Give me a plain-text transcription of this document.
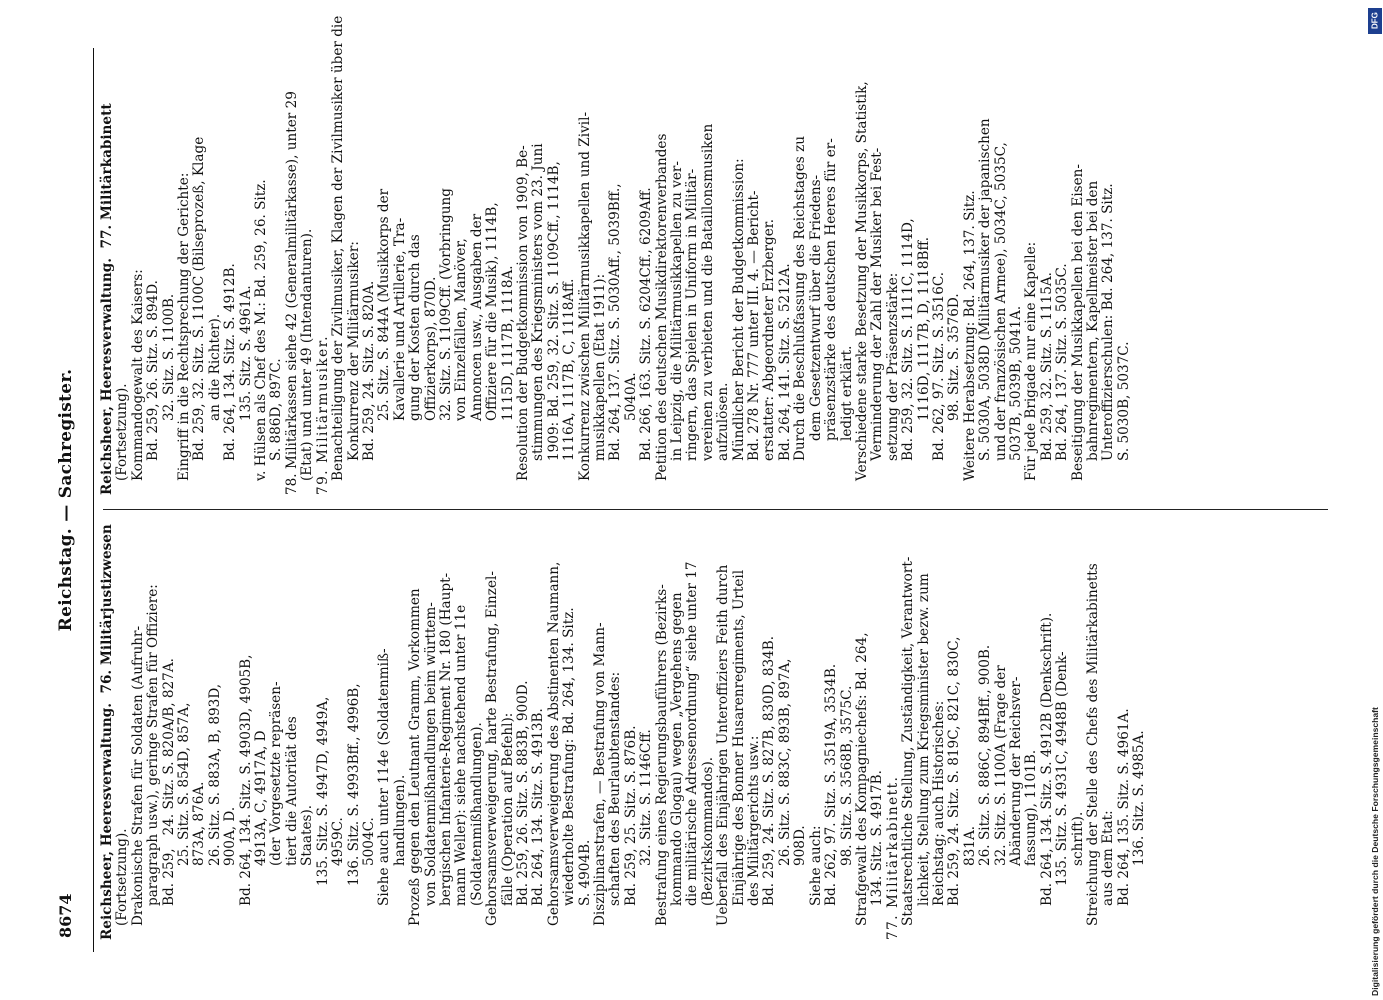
8674
Reichstag. — Sachregister.
Reichsheer, Heeresverwaltung.  76. Militärjustizwesen (Fortsetzung). Drakonische Strafen für Soldaten (Aufruhr- paragraph usw.), geringe Strafen für Offiziere: Bd. 259,   24. Sitz. S. 820A/B, 827A. 25. Sitz. S. 854D, 857A, 873A, 876A. 26. Sitz. S. 883A, B, 893D, 900A, D. Bd. 264, 134. Sitz. S. 4903D, 4905B, 4913A, C, 4917A, D (der Vorgesetzte repräsen- tiert die Autorität des Staates). 135. Sitz. S. 4947D, 4949A, 4959C. 136. Sitz. S. 4993Bff., 4996B, 5004C. Siehe auch unter 114e (Soldatenmiß- handlungen). Prozeß gegen den Leutnant Gramm, Vorkommen von Soldatenmißhandlungen beim württem- bergischen Infanterie-Regiment Nr. 180 (Haupt- mann Weller): siehe nachstehend unter 11e (Soldatenmißhandlungen). Gehorsamsverweigerung, harte Bestrafung, Einzel- fälle (Operation auf Befehl): Bd. 259, 26. Sitz. S. 883B, 900D. Bd. 264, 134. Sitz. S. 4913B. Gehorsamsverweigerung des Abstinenten Naumann, wiederholte Bestrafung: Bd. 264, 134. Sitz. S. 4904B. Disziplinarstrafen, — Bestrafung von Mann- schaften des Beurlaubtenstandes: Bd. 259, 25. Sitz. S. 876B. 32. Sitz. S. 1146Cff. Bestrafung eines Regierungsbauführers (Bezirks- kommando Glogau) wegen „Vergehens gegen die militärische Adressenordnung“ siehe unter 17 (Bezirkskommandos). Ueberfall des Einjährigen Unteroffiziers Feith durch Einjährige des Bonner Husarenregiments, Urteil des Militärgerichts usw.: Bd. 259, 24. Sitz. S. 827B, 830D, 834B. 26. Sitz. S. 883C, 893B, 897A, 908D. Siehe auch: Bd. 262, 97. Sitz. S. 3519A, 3534B. 98. Sitz. S. 3568B, 3575C. Strafgewalt des Kompagniechefs: Bd. 264, 134. Sitz. S. 4917B. 77. Militärkabinett. Staatsrechtliche Stellung, Zuständigkeit, Verantwort- lichkeit, Stellung zum Kriegsminister bezw. zum Reichstag; auch Historisches: Bd. 259, 24. Sitz. S. 819C, 821C, 830C, 831A. 26. Sitz. S. 886C, 894Bff., 900B. 32. Sitz. S. 1100A (Frage der Abänderung der Reichsver- fassung), 1101B. Bd. 264, 134. Sitz. S. 4912B (Denkschrift). 135. Sitz. S. 4931C, 4948B (Denk- schrift). Streichung der Stelle des Chefs des Militärkabinetts aus dem Etat: Bd. 264, 135. Sitz. S. 4961A. 136. Sitz. S. 4985A.
Reichsheer, Heeresverwaltung.  77. Militärkabinett (Fortsetzung). Kommandogewalt des Kaisers: Bd. 259, 26. Sitz. S. 894D. 32. Sitz. S. 1100B. Eingriff in die Rechtsprechung der Gerichte: Bd. 259, 32. Sitz. S. 1100C (Bilseprozeß, Klage an die Richter). Bd. 264, 134. Sitz. S. 4912B. 135. Sitz. S. 4961A. v. Hülsen als Chef des M.: Bd. 259, 26. Sitz. S. 886D, 897C. 78. Militärkassen siehe 42 (Generalmilitärkasse), unter 29 (Etat) und unter 49 (Intendanturen). 79. Militärmusiker. Benachteiligung der Zivilmusiker, Klagen der Zivilmusiker über die Konkurrenz der Militärmusiker: Bd. 259, 24. Sitz. S. 820A. 25. Sitz. S. 844A (Musikkorps der Kavallerie und Artillerie, Tra- gung der Kosten durch das Offizierkorps), 870D. 32. Sitz. S. 1109Cff. (Vorbringung von Einzelfällen, Manöver, Annoncen usw., Ausgaben der Offiziere für die Musik), 1114B, 1115D, 1117B, 1118A. Resolution der Budgetkommission von 1909, Be- stimmungen des Kriegsministers vom 23. Juni 1909: Bd. 259, 32. Sitz. S. 1109Cff., 1114B, 1116A, 1117B, C, 1118Aff. Konkurrenz zwischen Militärmusikkapellen und Zivil- musikkapellen (Etat 1911): Bd. 264, 137. Sitz. S. 5030Aff., 5039Bff., 5040A. Bd. 266, 163. Sitz. S. 6204Cff., 6209Aff. Petition des deutschen Musikdirektorenverbandes in Leipzig, die Militärmusikkapellen zu ver- ringern, das Spielen in Uniform in Militär- vereinen zu verbieten und die Bataillonsmusiken aufzulösen. Mündlicher Bericht der Budgetkommission: Bd. 278 Nr. 777 unter III. 4. — Bericht- erstatter: Abgeordneter Erzberger. Bd. 264, 141. Sitz. S. 5212A. Durch die Beschlußfassung des Reichstages zu dem Gesetzentwurf über die Friedens- präsenzstärke des deutschen Heeres für er- ledigt erklärt. Verschiedene starke Besetzung der Musikkorps, Statistik, Verminderung der Zahl der Musiker bei Fest- setzung der Präsenzstärke: Bd. 259, 32. Sitz. S. 1111C, 1114D, 1116D, 1117B, D, 1118Bff. Bd. 262, 97. Sitz. S. 3516C. 98. Sitz. S. 3576D. Weitere Herabsetzung: Bd. 264, 137. Sitz. S. 5030A, 5038D (Militärmusiker der japanischen und der französischen Armee), 5034C, 5035C, 5037B, 5039B, 5041A. Für jede Brigade nur eine Kapelle: Bd. 259, 32. Sitz. S. 1115A. Bd. 264, 137. Sitz. S. 5035C. Beseitigung der Musikkapellen bei den Eisen- bahnregimentern, Kapellmeister bei den Unteroffizierschulen: Bd. 264, 137. Sitz. S. 5030B, 5037C.
Digitalisierung gefördert durch die Deutsche Forschungsgemeinschaft
DFG
